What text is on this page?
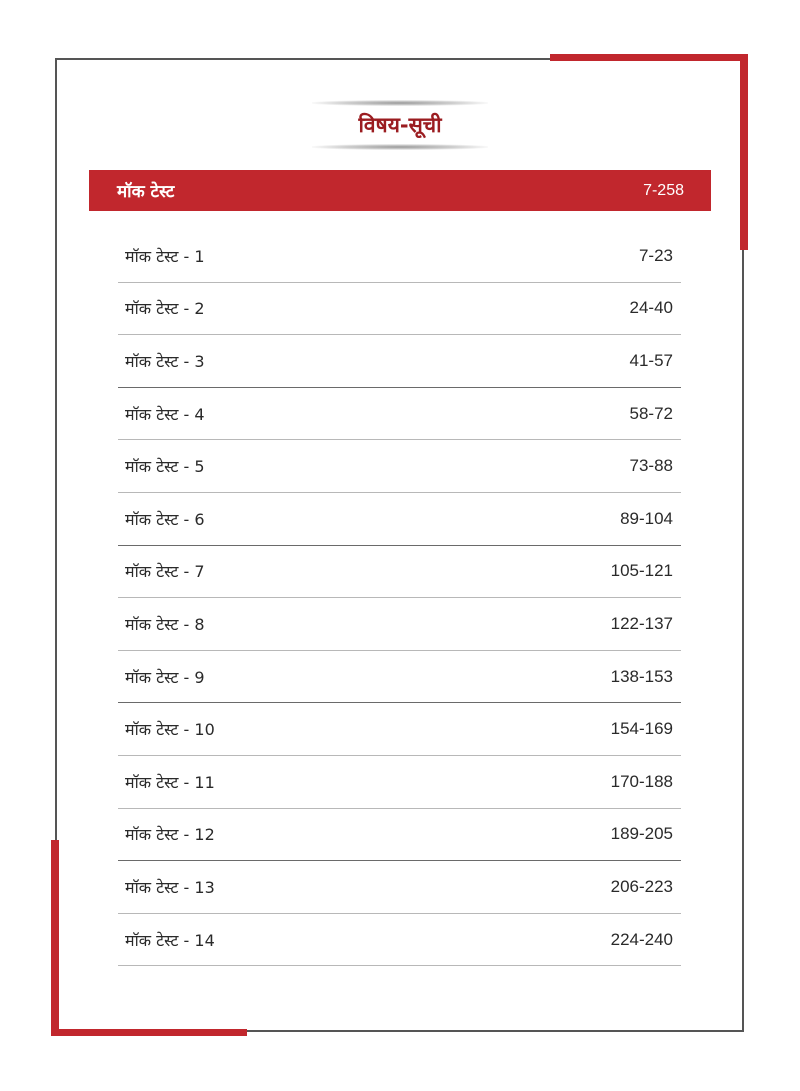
विषय-सूची
मॉक टेस्ट	7-258
मॉक टेस्ट - 1	7-23
मॉक टेस्ट - 2	24-40
मॉक टेस्ट - 3	41-57
मॉक टेस्ट - 4	58-72
मॉक टेस्ट - 5	73-88
मॉक टेस्ट - 6	89-104
मॉक टेस्ट - 7	105-121
मॉक टेस्ट - 8	122-137
मॉक टेस्ट - 9	138-153
मॉक टेस्ट - 10	154-169
मॉक टेस्ट - 11	170-188
मॉक टेस्ट - 12	189-205
मॉक टेस्ट - 13	206-223
मॉक टेस्ट - 14	224-240
